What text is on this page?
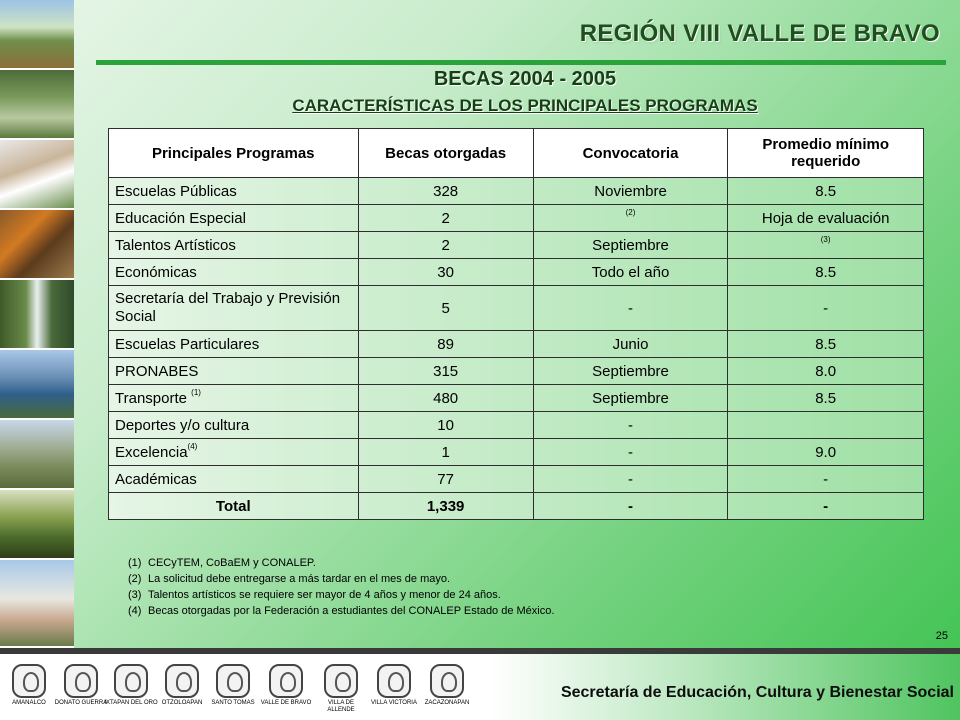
REGIÓN VIII VALLE DE BRAVO
BECAS 2004 - 2005
CARACTERÍSTICAS DE LOS PRINCIPALES PROGRAMAS
Principales Programas	Becas otorgadas	Convocatoria	Promedio mínimo requerido
Escuelas Públicas	328	Noviembre	8.5
Educación Especial	2	(2)	Hoja de evaluación
Talentos Artísticos	2	Septiembre	(3)
Económicas	30	Todo el año	8.5
Secretaría del Trabajo y Previsión Social	5	-	-
Escuelas Particulares	89	Junio	8.5
PRONABES	315	Septiembre	8.0
Transporte (1)	480	Septiembre	8.5
Deportes y/o cultura	10	-	
Excelencia(4)	1	-	9.0
Académicas	77	-	-
Total	1,339	-	-
(1) CECyTEM, CoBaEM y CONALEP.
(2) La solicitud debe entregarse a más tardar en el mes de mayo.
(3) Talentos artísticos se requiere ser mayor de 4 años y menor de 24 años.
(4) Becas otorgadas por la Federación a estudiantes del CONALEP Estado de México.
25
AMANALCO	DONATO GUERRA
IXTAPAN DEL ORO OTZOLOAPAN	SANTO TOMAS	VALLE DE BRAVO	VILLA DE ALLENDE
VILLA VICTORIA	ZACAZONAPAN
Secretaría de Educación, Cultura y Bienestar Social
